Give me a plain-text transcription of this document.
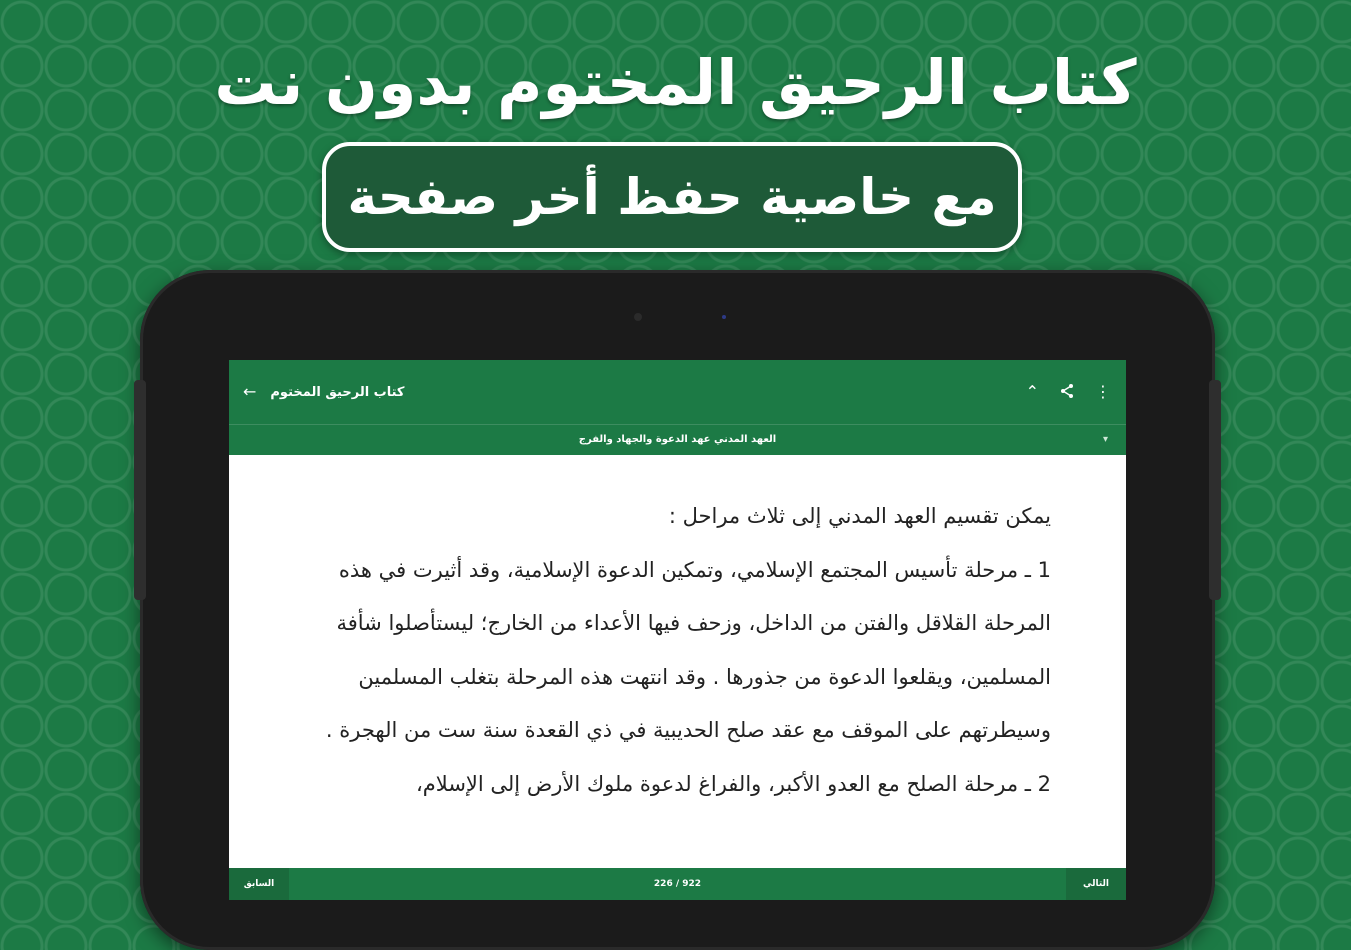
كتاب الرحيق المختوم بدون نت
مع خاصية حفظ أخر صفحة
← كتاب الرحيق المختوم	⌃	⋮
العهد المدني عهد الدعوة والجهاد والفرج	▾

يمكن تقسيم العهد المدني إلى ثلاث مراحل :

1 ـ مرحلة تأسيس المجتمع الإسلامي، وتمكين الدعوة الإسلامية، وقد أثيرت في هذه المرحلة القلاقل والفتن من الداخل، وزحف فيها الأعداء من الخارج؛ ليستأصلوا شأفة المسلمين، ويقلعوا الدعوة من جذورها . وقد انتهت هذه المرحلة بتغلب المسلمين وسيطرتهم على الموقف مع عقد صلح الحديبية في ذي القعدة سنة ست من الهجرة .

2 ـ مرحلة الصلح مع العدو الأكبر، والفراغ لدعوة ملوك الأرض إلى الإسلام،

السابق	226 / 922	التالي
